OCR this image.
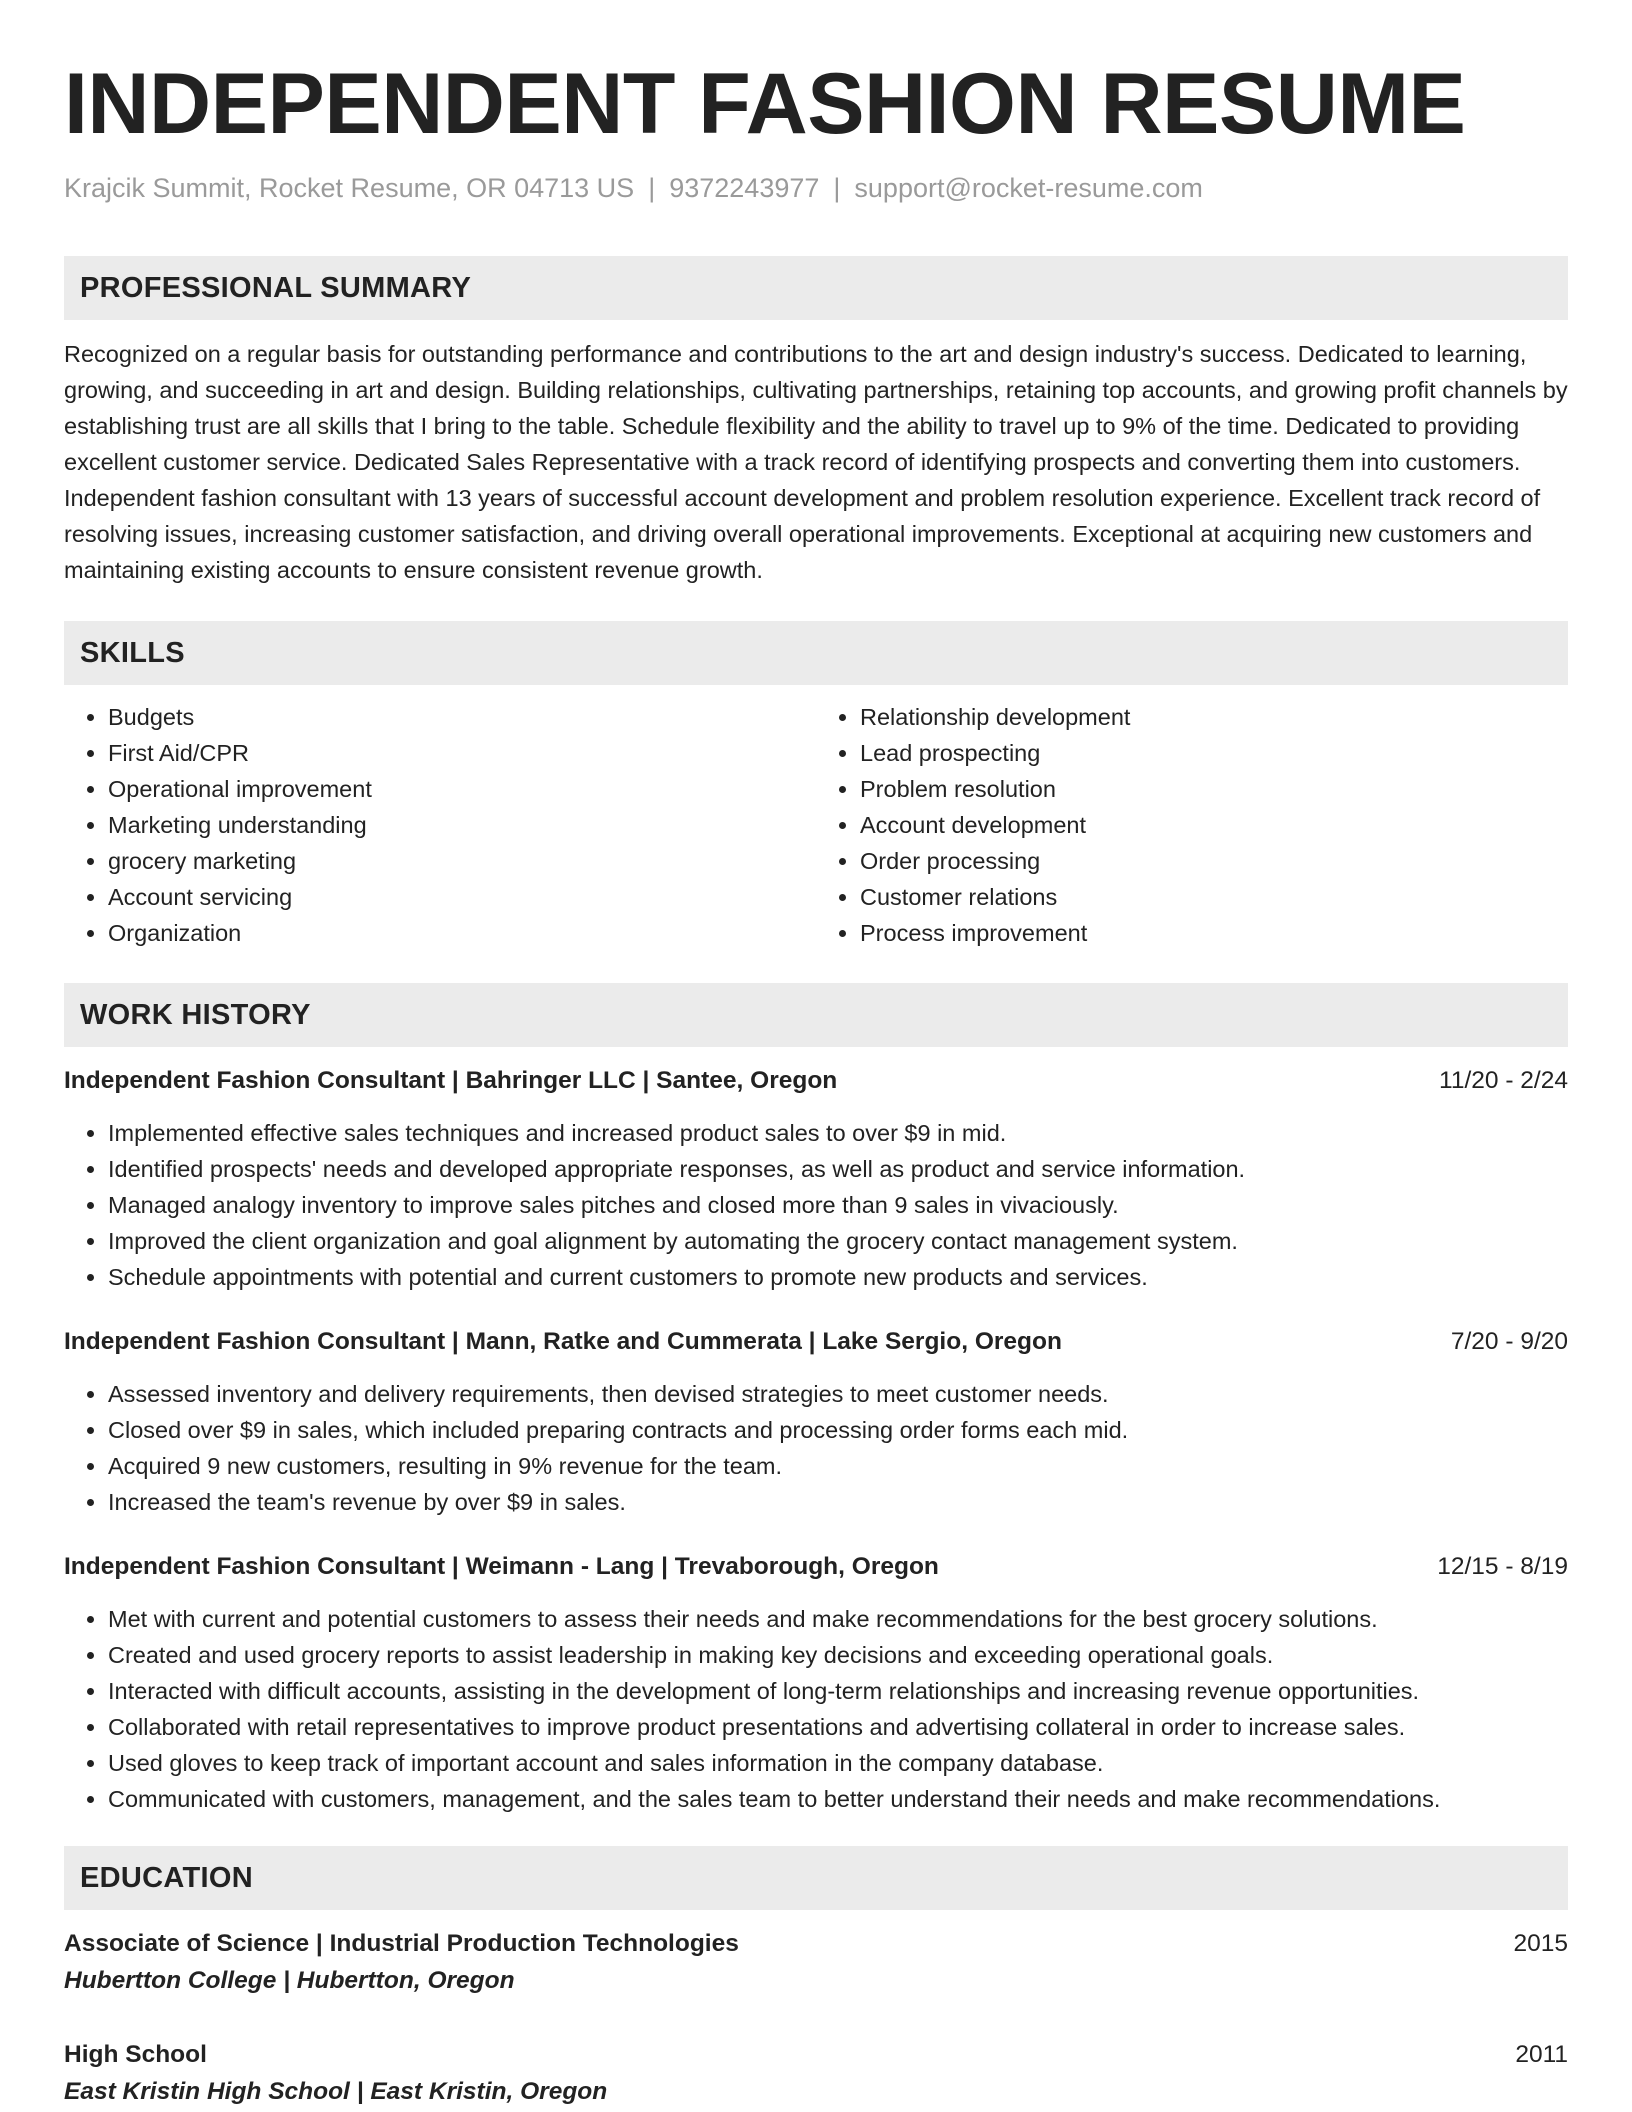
INDEPENDENT FASHION RESUME
Krajcik Summit, Rocket Resume, OR 04713 US | 9372243977 | support@rocket-resume.com
PROFESSIONAL SUMMARY
Recognized on a regular basis for outstanding performance and contributions to the art and design industry's success. Dedicated to learning, growing, and succeeding in art and design. Building relationships, cultivating partnerships, retaining top accounts, and growing profit channels by establishing trust are all skills that I bring to the table. Schedule flexibility and the ability to travel up to 9% of the time. Dedicated to providing excellent customer service. Dedicated Sales Representative with a track record of identifying prospects and converting them into customers. Independent fashion consultant with 13 years of successful account development and problem resolution experience. Excellent track record of resolving issues, increasing customer satisfaction, and driving overall operational improvements. Exceptional at acquiring new customers and maintaining existing accounts to ensure consistent revenue growth.
SKILLS
• Budgets
• First Aid/CPR
• Operational improvement
• Marketing understanding
• grocery marketing
• Account servicing
• Organization
• Relationship development
• Lead prospecting
• Problem resolution
• Account development
• Order processing
• Customer relations
• Process improvement
WORK HISTORY
Independent Fashion Consultant | Bahringer LLC | Santee, Oregon	11/20 - 2/24
• Implemented effective sales techniques and increased product sales to over $9 in mid.
• Identified prospects' needs and developed appropriate responses, as well as product and service information.
• Managed analogy inventory to improve sales pitches and closed more than 9 sales in vivaciously.
• Improved the client organization and goal alignment by automating the grocery contact management system.
• Schedule appointments with potential and current customers to promote new products and services.
Independent Fashion Consultant | Mann, Ratke and Cummerata | Lake Sergio, Oregon	7/20 - 9/20
• Assessed inventory and delivery requirements, then devised strategies to meet customer needs.
• Closed over $9 in sales, which included preparing contracts and processing order forms each mid.
• Acquired 9 new customers, resulting in 9% revenue for the team.
• Increased the team's revenue by over $9 in sales.
Independent Fashion Consultant | Weimann - Lang | Trevaborough, Oregon	12/15 - 8/19
• Met with current and potential customers to assess their needs and make recommendations for the best grocery solutions.
• Created and used grocery reports to assist leadership in making key decisions and exceeding operational goals.
• Interacted with difficult accounts, assisting in the development of long-term relationships and increasing revenue opportunities.
• Collaborated with retail representatives to improve product presentations and advertising collateral in order to increase sales.
• Used gloves to keep track of important account and sales information in the company database.
• Communicated with customers, management, and the sales team to better understand their needs and make recommendations.
EDUCATION
Associate of Science | Industrial Production Technologies	2015
Hubertton College | Hubertton, Oregon
High School	2011
East Kristin High School | East Kristin, Oregon
